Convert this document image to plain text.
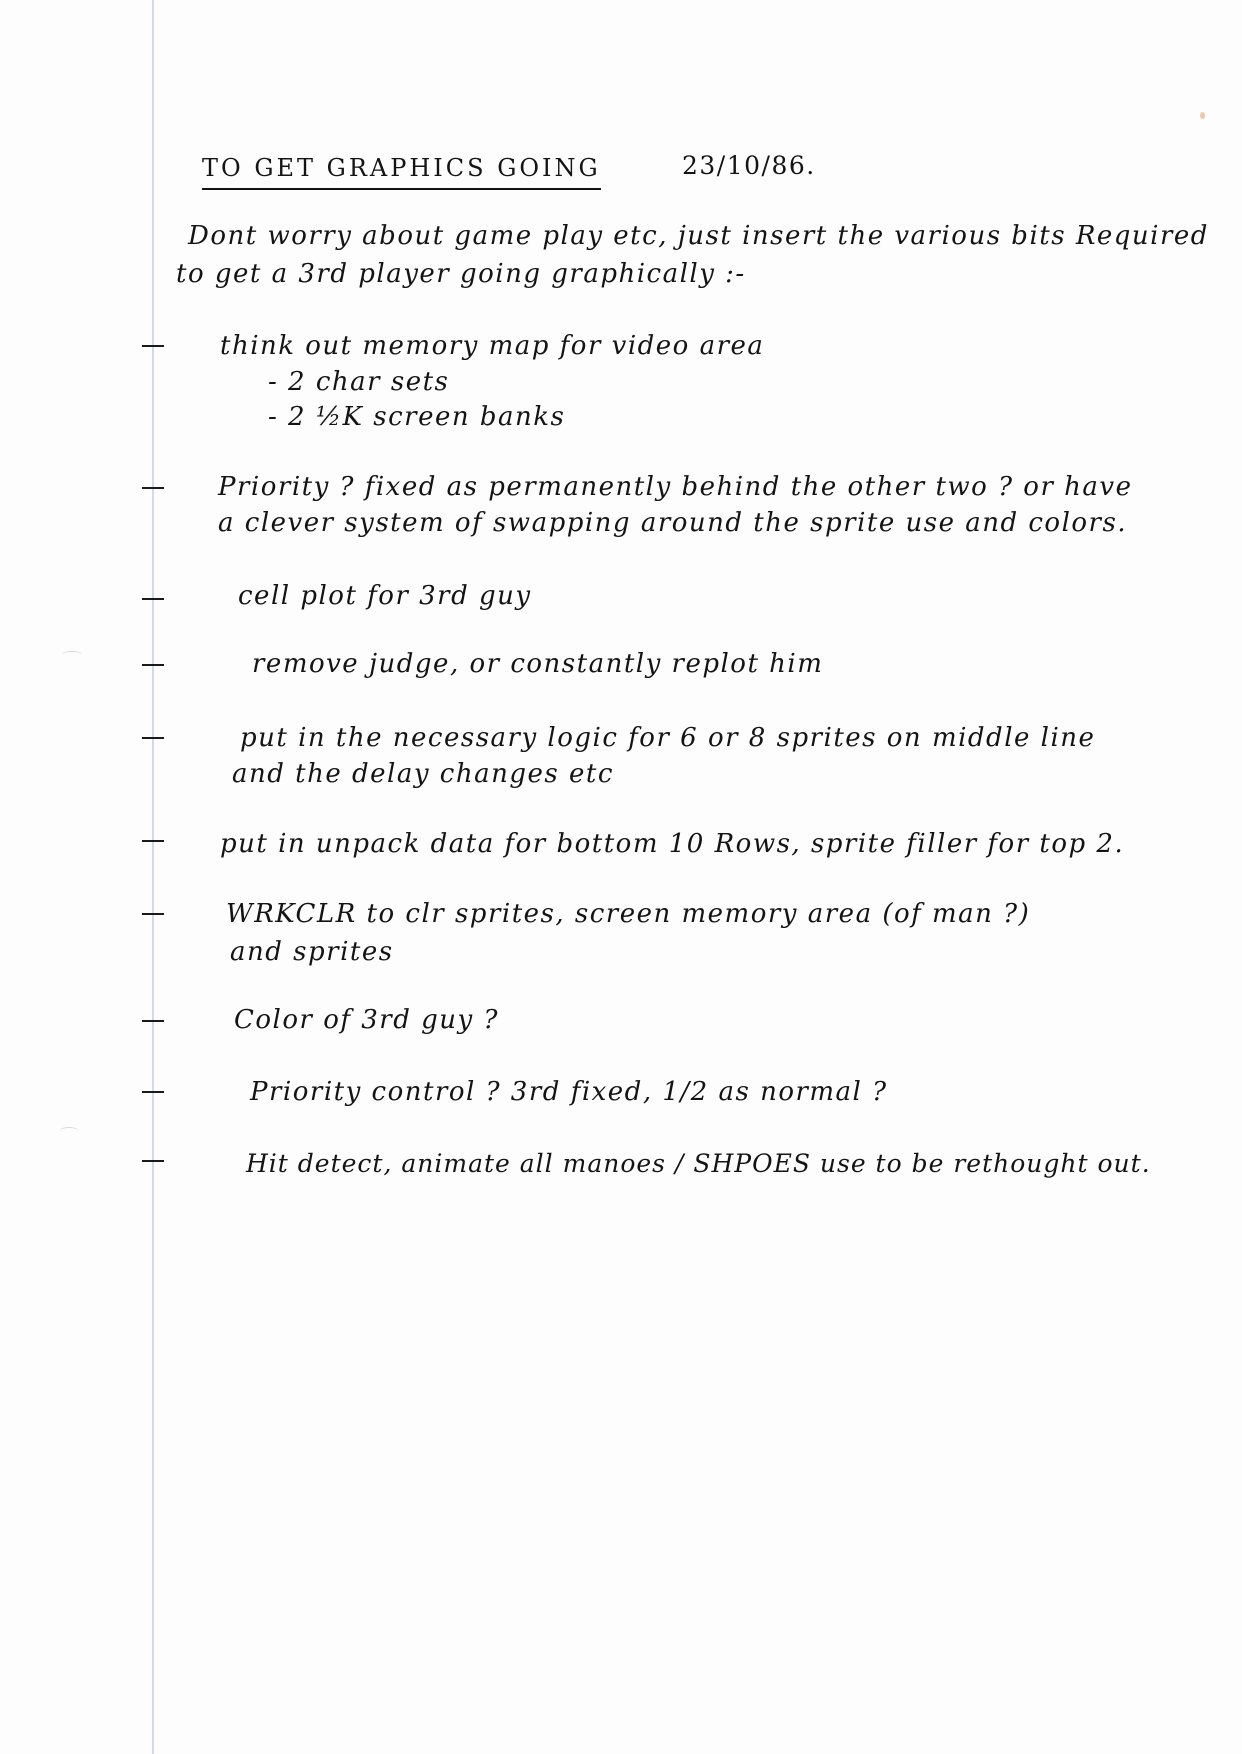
TO GET GRAPHICS GOING	23/10/86.
Dont worry about game play etc, just insert the various bits Required
to get a 3rd player going graphically :-
think out memory map for video area
- 2 char sets
- 2 ½K screen banks
Priority ? fixed as permanently behind the other two ? or have
a clever system of swapping around the sprite use and colors.
cell plot for 3rd guy
remove judge, or constantly replot him
put in the necessary logic for 6 or 8 sprites on middle line
and the delay changes etc
put in unpack data for bottom 10 Rows, sprite filler for top 2.
WRKCLR to clr sprites, screen memory area (of man ?)
and sprites
Color of 3rd guy ?
Priority control ? 3rd fixed, 1/2 as normal ?
Hit detect, animate all manoes / SHPOES use to be rethought out.
